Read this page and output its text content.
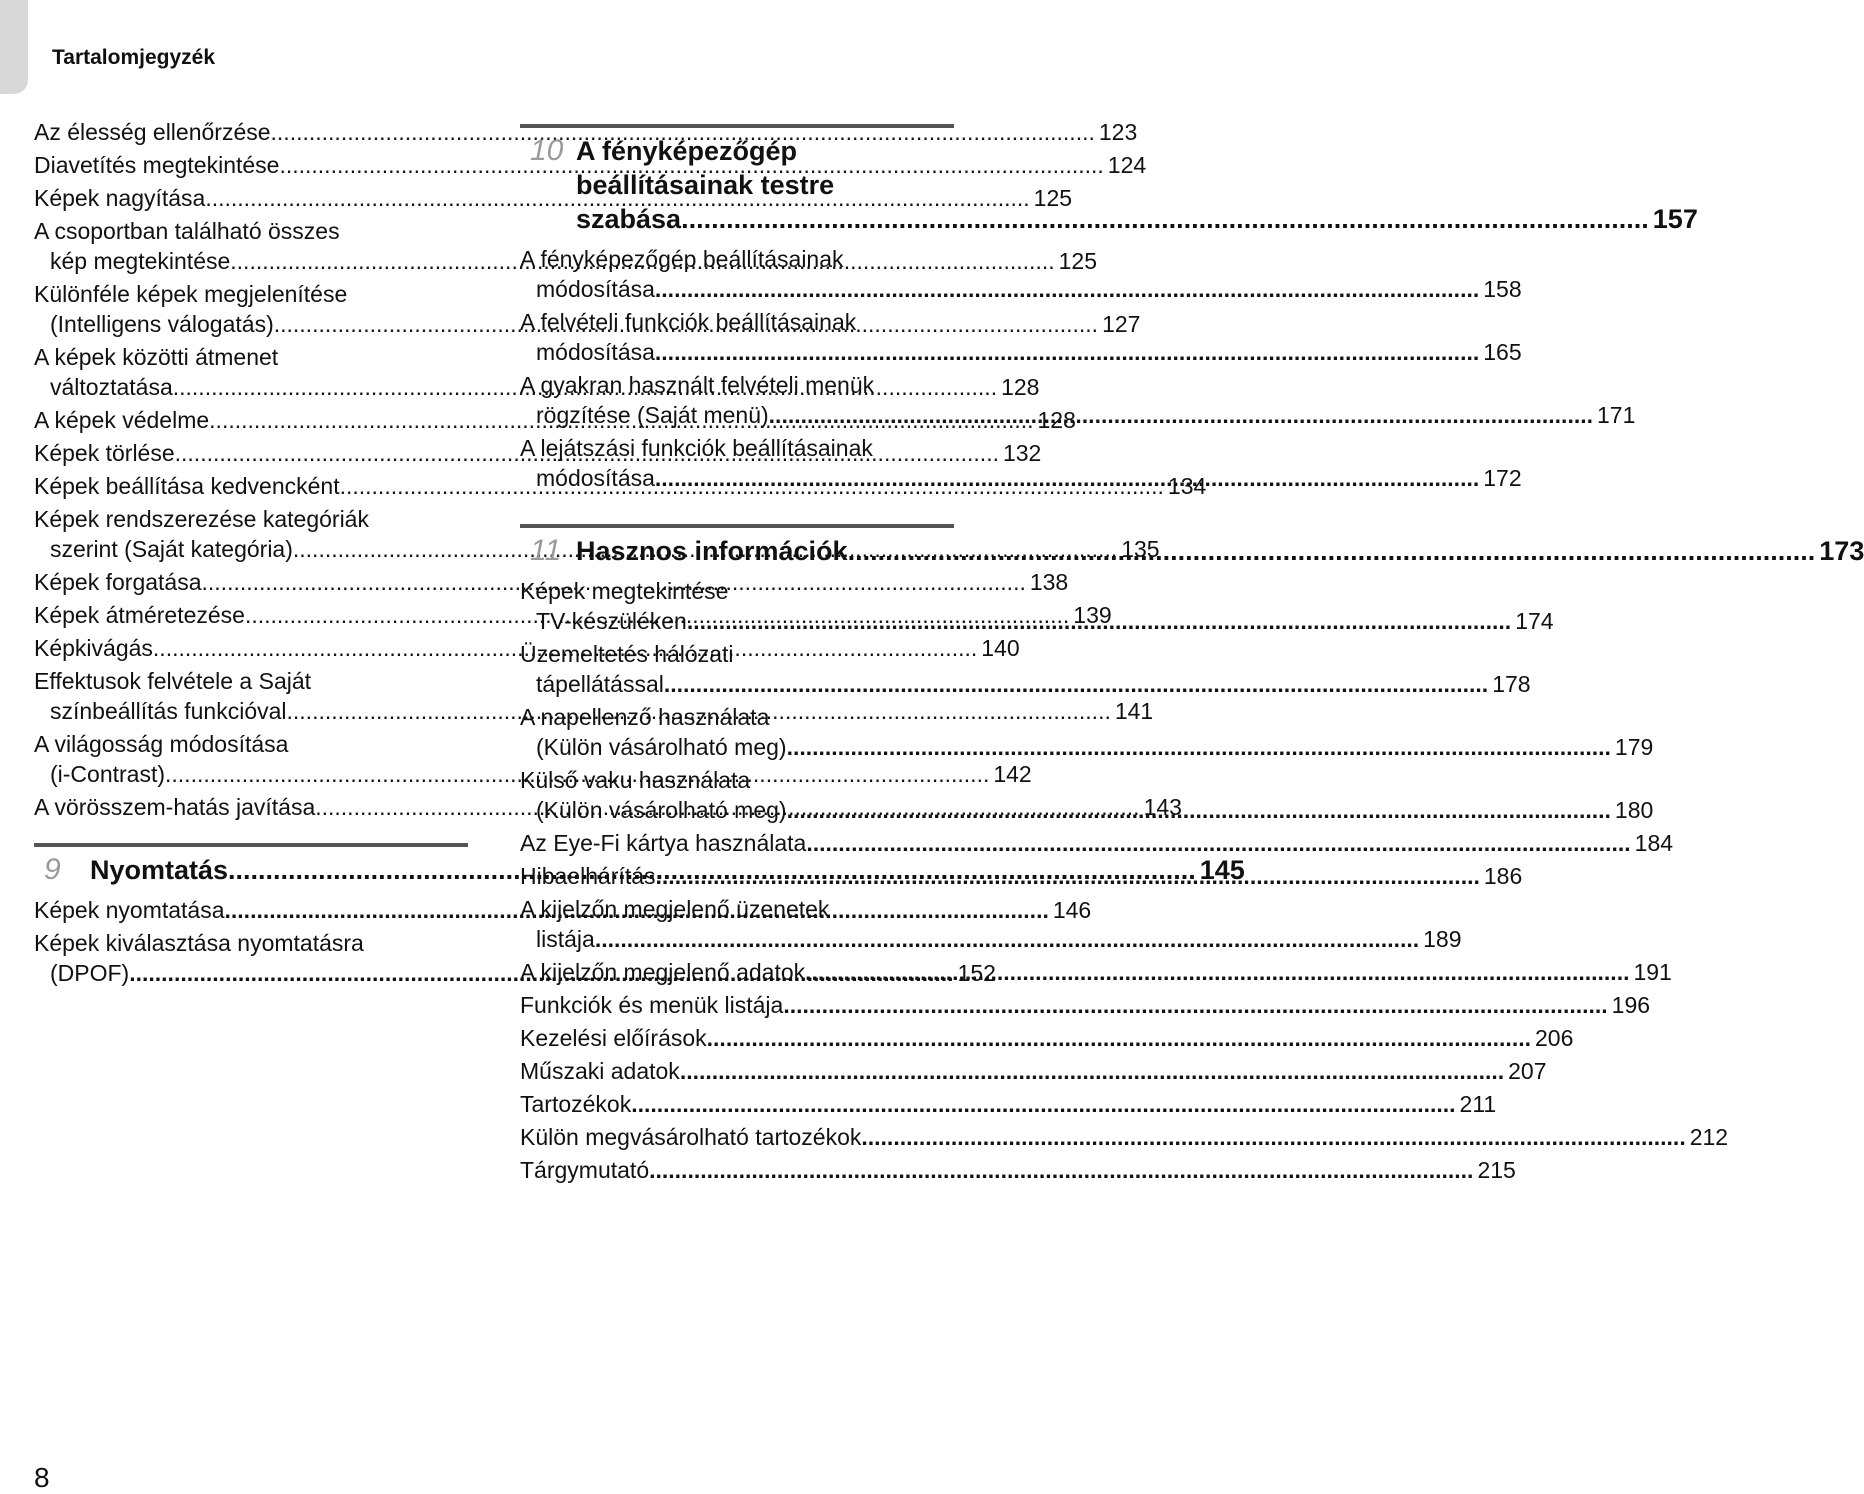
Tartalomjegyzék
Az élesség ellenőrzése .....	123
Diavetítés megtekintése .....	124
Képek nagyítása .....	125
A csoportban található összes
kép megtekintése .....	125
Különféle képek megjelenítése
(Intelligens válogatás) .....	127
A képek közötti átmenet
változtatása .....	128
A képek védelme .....	128
Képek törlése .....	132
Képek beállítása kedvencként .....	134
Képek rendszerezése kategóriák
szerint (Saját kategória) .....	135
Képek forgatása .....	138
Képek átméretezése .....	139
Képkivágás .....	140
Effektusok felvétele a Saját
színbeállítás funkcióval .....	141
A világosság módosítása
(i-Contrast) .....	142
A vörösszem-hatás javítása .....	143
9	Nyomtatás .....	145
Képek nyomtatása .....	146
Képek kiválasztása nyomtatásra
(DPOF) .....	152
10 A fényképezőgép
beállításainak testre
szabása .....	157
A fényképezőgép beállításainak
módosítása .....	158
A felvételi funkciók beállításainak
módosítása .....	165
A gyakran használt felvételi menük
rögzítése (Saját menü) .....	171
A lejátszási funkciók beállításainak
módosítása .....	172
11 Hasznos információk .....	173
Képek megtekintése
TV-készüléken .....	174
Üzemeltetés hálózati
tápellátással .....	178
A napellenző használata
(Külön vásárolható meg) .....	179
Külső vaku használata
(Külön vásárolható meg) .....	180
Az Eye-Fi kártya használata .....	184
Hibaelhárítás .....	186
A kijelzőn megjelenő üzenetek
listája .....	189
A kijelzőn megjelenő adatok .....	191
Funkciók és menük listája .....	196
Kezelési előírások .....	206
Műszaki adatok .....	207
Tartozékok .....	211
Külön megvásárolható tartozékok .....	212
Tárgymutató .....	215
8
